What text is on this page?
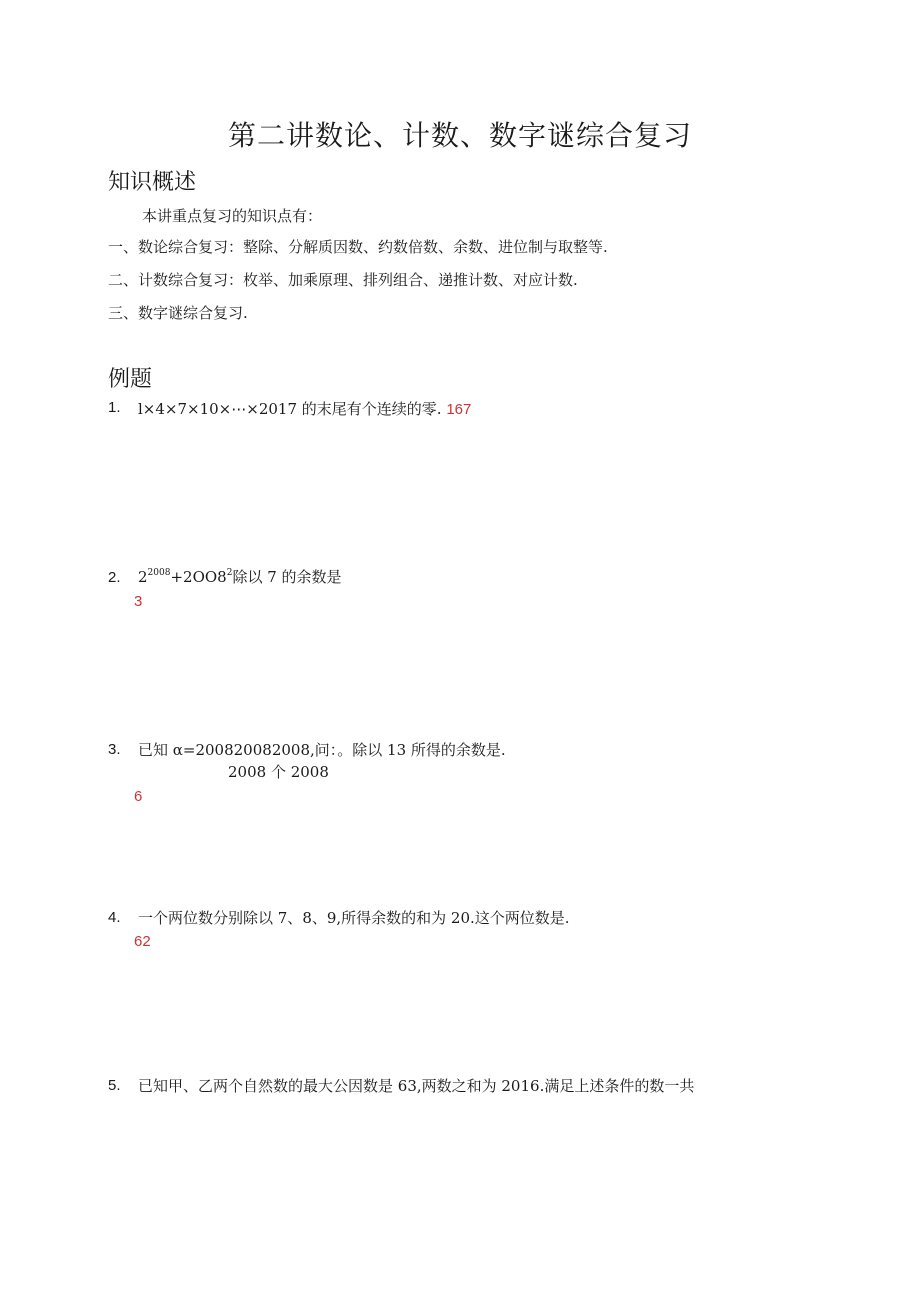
第二讲数论、计数、数字谜综合复习
知识概述
本讲重点复习的知识点有：
一、数论综合复习：整除、分解质因数、约数倍数、余数、进位制与取整等.
二、计数综合复习：枚举、加乘原理、排列组合、递推计数、对应计数.
三、数字谜综合复习.
例题
1. l×4×7×10×⋯×2017 的末尾有个连续的零. 167
2. $2^{2008}+2OO8^2$除以 7 的余数是
3
3. 已知 α=200820082008,问：。除以 13 所得的余数是.
2008 个 2008
6
4. 一个两位数分别除以 7、8、9,所得余数的和为 20.这个两位数是.
62
5. 已知甲、乙两个自然数的最大公因数是 63,两数之和为 2016.满足上述条件的数一共
